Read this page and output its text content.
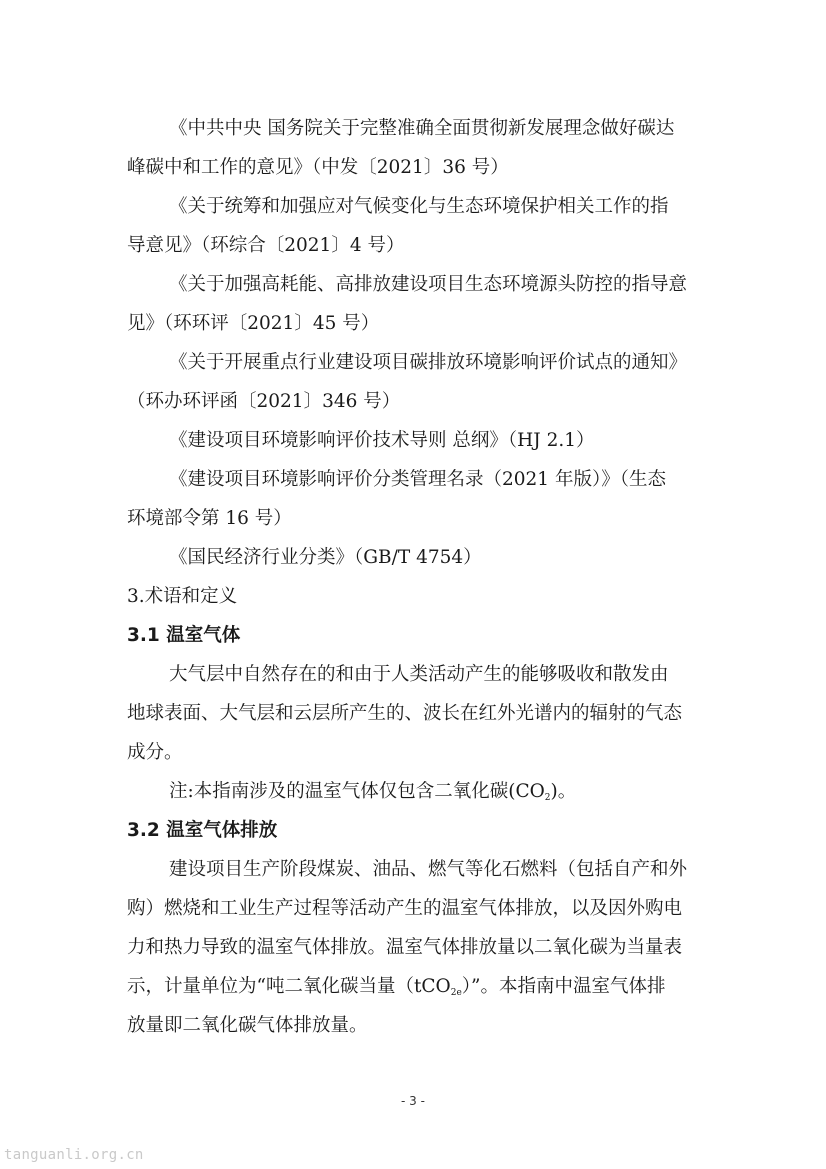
《中共中央 国务院关于完整准确全面贯彻新发展理念做好碳达
峰碳中和工作的意见》（中发〔2021〕36 号）
《关于统筹和加强应对气候变化与生态环境保护相关工作的指
导意见》（环综合〔2021〕4 号）
《关于加强高耗能、高排放建设项目生态环境源头防控的指导意
见》（环环评〔2021〕45 号）
《关于开展重点行业建设项目碳排放环境影响评价试点的通知》
（环办环评函〔2021〕346 号）
《建设项目环境影响评价技术导则 总纲》（HJ 2.1）
《建设项目环境影响评价分类管理名录（2021 年版）》（生态
环境部令第 16 号）
《国民经济行业分类》（GB/T 4754）
3.术语和定义
3.1 温室气体
大气层中自然存在的和由于人类活动产生的能够吸收和散发由
地球表面、大气层和云层所产生的、波长在红外光谱内的辐射的气态
成分。
注:本指南涉及的温室气体仅包含二氧化碳$(CO_2)$。
3.2 温室气体排放
建设项目生产阶段煤炭、油品、燃气等化石燃料（包括自产和外
购）燃烧和工业生产过程等活动产生的温室气体排放，以及因外购电
力和热力导致的温室气体排放。温室气体排放量以二氧化碳为当量表
示，计量单位为“吨二氧化碳当量（tCO$_{2e}$）”。本指南中温室气体排
放量即二氧化碳气体排放量。
- 3 -
tanguanli.org.cn
